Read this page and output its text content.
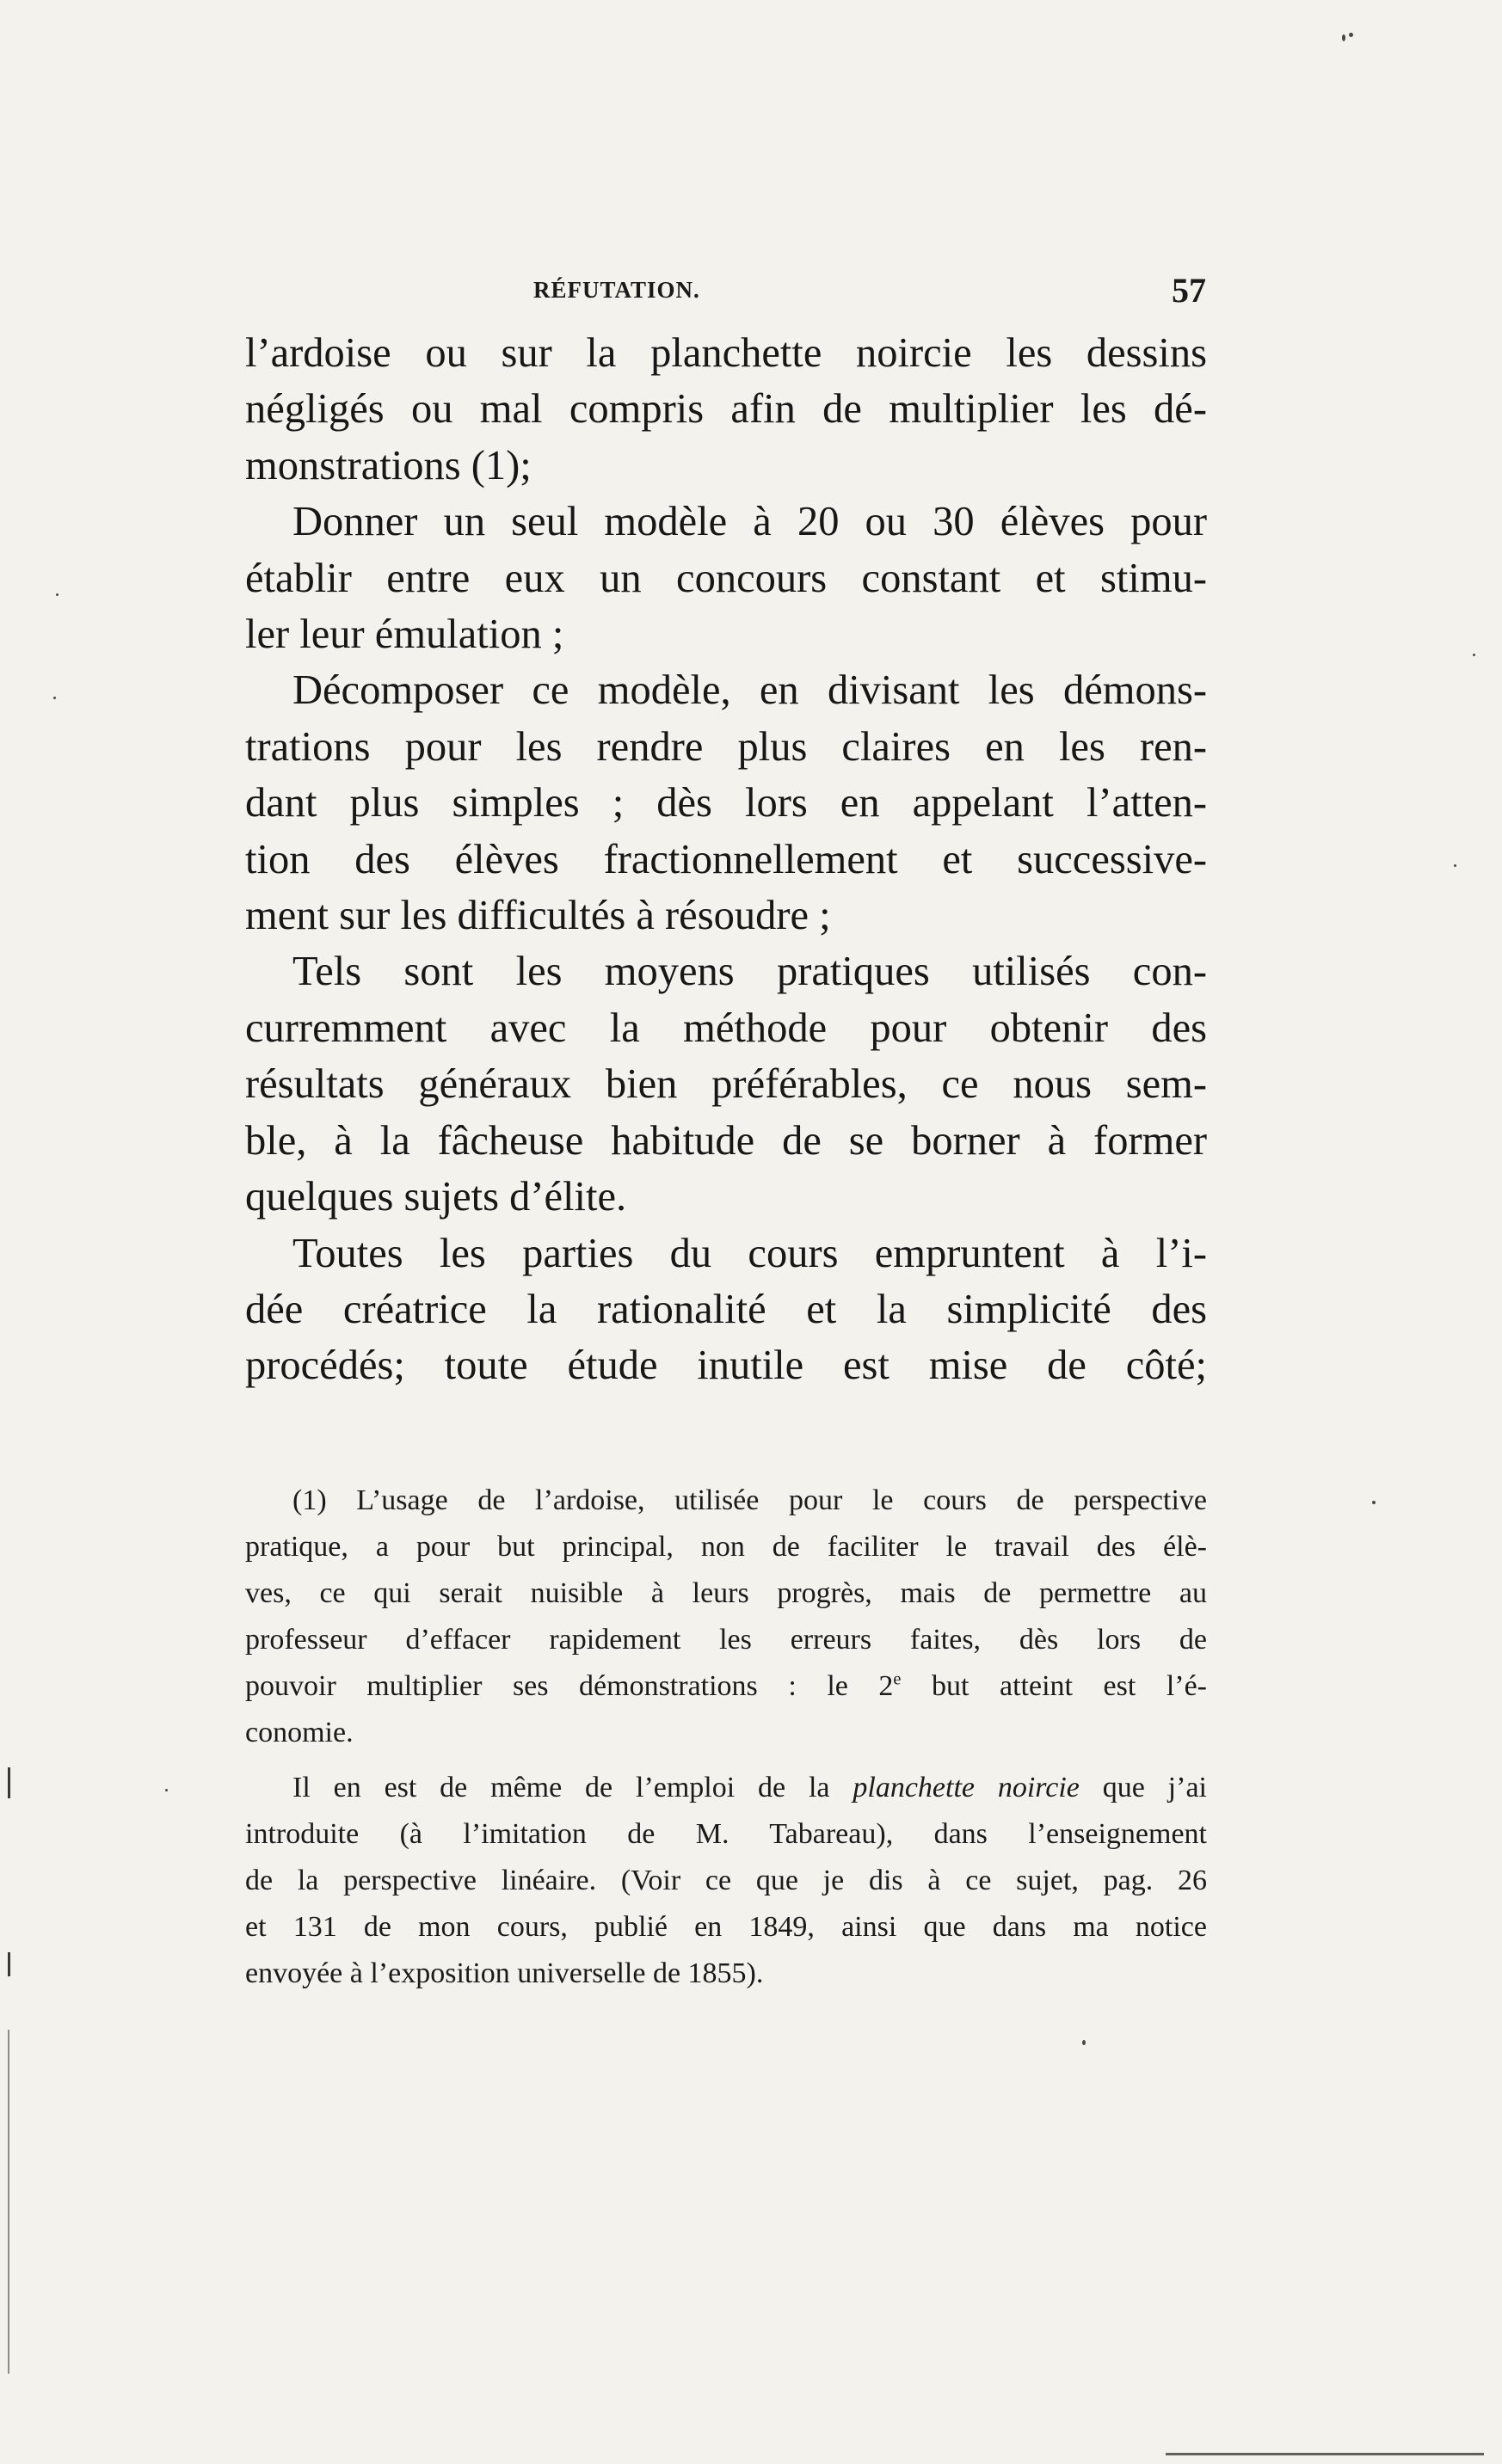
RÉFUTATION.	57
l’ardoise ou sur la planchette noircie les dessins
négligés ou mal compris afin de multiplier les dé-
monstrations (1);
Donner un seul modèle à 20 ou 30 élèves pour
établir entre eux un concours constant et stimu-
ler leur émulation ;
Décomposer ce modèle, en divisant les démons-
trations pour les rendre plus claires en les ren-
dant plus simples ; dès lors en appelant l’atten-
tion des élèves fractionnellement et successive-
ment sur les difficultés à résoudre ;
Tels sont les moyens pratiques utilisés con-
curremment avec la méthode pour obtenir des
résultats généraux bien préférables, ce nous sem-
ble, à la fâcheuse habitude de se borner à former
quelques sujets d’élite.
Toutes les parties du cours empruntent à l’i-
dée créatrice la rationalité et la simplicité des
procédés; toute étude inutile est mise de côté;
(1) L’usage de l’ardoise, utilisée pour le cours de perspective
pratique, a pour but principal, non de faciliter le travail des élè-
ves, ce qui serait nuisible à leurs progrès, mais de permettre au
professeur d’effacer rapidement les erreurs faites, dès lors de
pouvoir multiplier ses démonstrations : le 2e but atteint est l’é-
conomie.
Il en est de même de l’emploi de la planchette noircie que j’ai
introduite (à l’imitation de M. Tabareau), dans l’enseignement
de la perspective linéaire. (Voir ce que je dis à ce sujet, pag. 26
et 131 de mon cours, publié en 1849, ainsi que dans ma notice
envoyée à l’exposition universelle de 1855).
